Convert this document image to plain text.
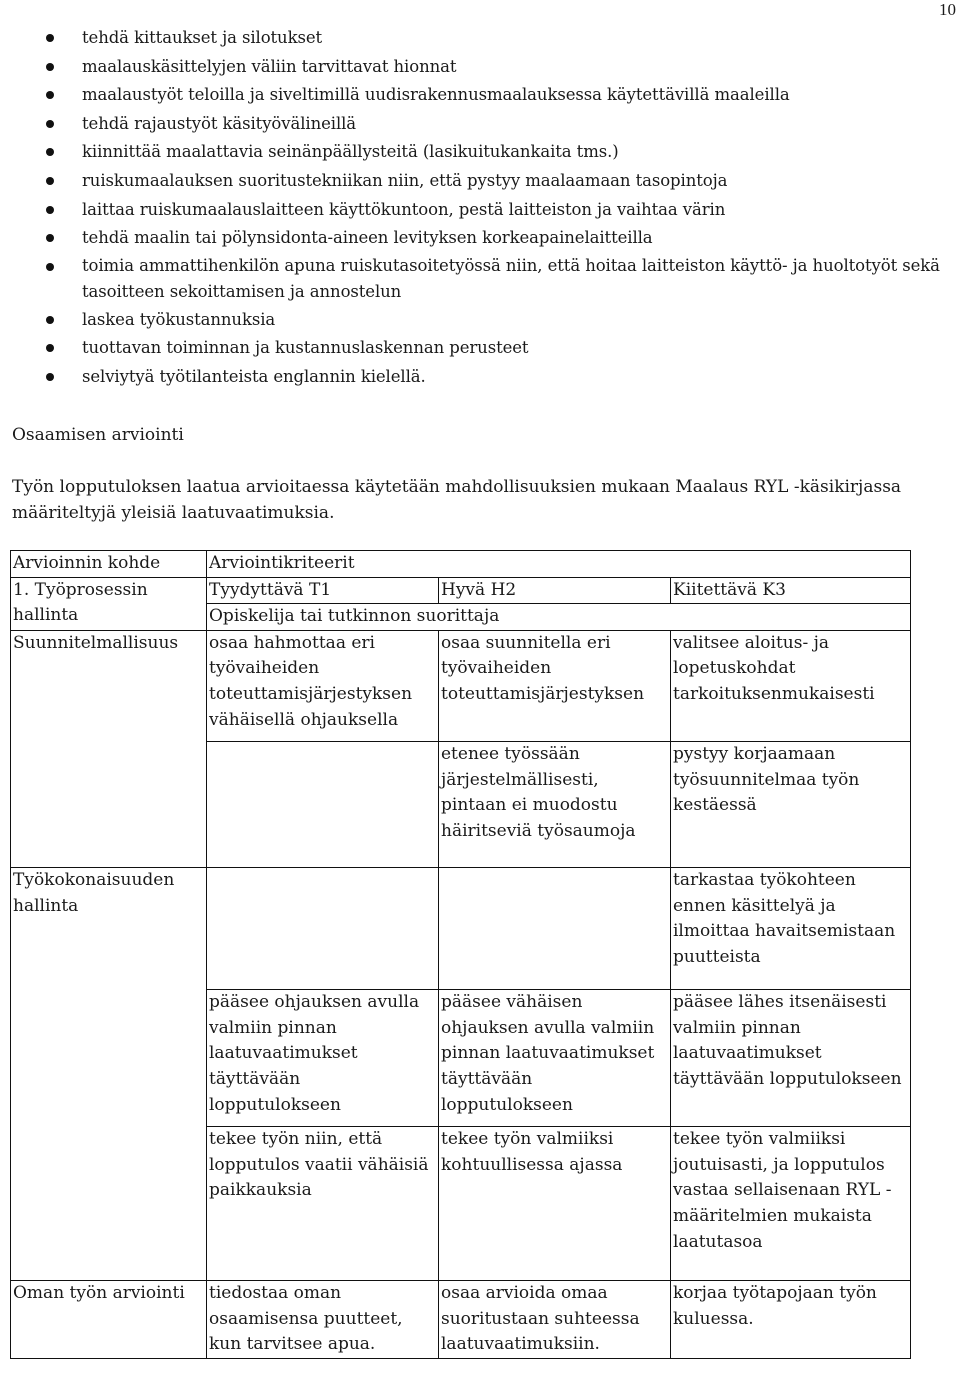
10
tehdä kittaukset ja silotukset
maalauskäsittelyjen väliin tarvittavat hionnat
maalaustyöt teloilla ja siveltimillä uudisrakennusmaalauksessa käytettävillä maaleilla
tehdä rajaustyöt käsityövälineillä
kiinnittää maalattavia seinänpäällysteitä (lasikuitukankaita tms.)
ruiskumaalauksen suoritustekniikan niin, että pystyy maalaamaan tasopintoja
laittaa ruiskumaalauslaitteen käyttökuntoon, pestä laitteiston ja vaihtaa värin
tehdä maalin tai pölynsidonta-aineen levityksen korkeapainelaitteilla
toimia ammattihenkilön apuna ruiskutasoitetyössä niin, että hoitaa laitteiston käyttö- ja huoltotyöt sekä tasoitteen sekoittamisen ja annostelun
laskea työkustannuksia
tuottavan toiminnan ja kustannuslaskennan perusteet
selviytyä työtilanteista englannin kielellä.
Osaamisen arviointi
Työn lopputuloksen laatua arvioitaessa käytetään mahdollisuuksien mukaan Maalaus RYL -käsikirjassa määriteltyjä yleisiä laatuvaatimuksia.
Arvioinnin kohde	Arviointikriteerit		
1. Työprosessin hallinta	Tyydyttävä T1	Hyvä H2	Kiitettävä K3
	Opiskelija tai tutkinnon suorittaja		
Suunnitelmallisuus	osaa hahmottaa eri työvaiheiden toteuttamisjärjestyksen vähäisellä ohjauksella	osaa suunnitella eri työvaiheiden toteuttamisjärjestyksen	valitsee aloitus- ja lopetuskohdat tarkoituksenmukaisesti
		etenee työssään järjestelmällisesti, pintaan ei muodostu häiritseviä työsaumoja	pystyy korjaamaan työsuunnitelmaa työn kestäessä
Työkokonaisuuden hallinta			tarkastaa työkohteen ennen käsittelyä ja ilmoittaa havaitsemistaan puutteista
	pääsee ohjauksen avulla valmiin pinnan laatuvaatimukset täyttävään lopputulokseen	pääsee vähäisen ohjauksen avulla valmiin pinnan laatuvaatimukset täyttävään lopputulokseen	pääsee lähes itsenäisesti valmiin pinnan laatuvaatimukset täyttävään lopputulokseen
	tekee työn niin, että lopputulos vaatii vähäisiä paikkauksia	tekee työn valmiiksi kohtuullisessa ajassa	tekee työn valmiiksi joutuisasti, ja lopputulos vastaa sellaisenaan RYL -määritelmien mukaista laatutasoa
Oman työn arviointi	tiedostaa oman osaamisensa puutteet, kun tarvitsee apua.	osaa arvioida omaa suoritustaan suhteessa laatuvaatimuksiin.	korjaa työtapojaan työn kuluessa.
